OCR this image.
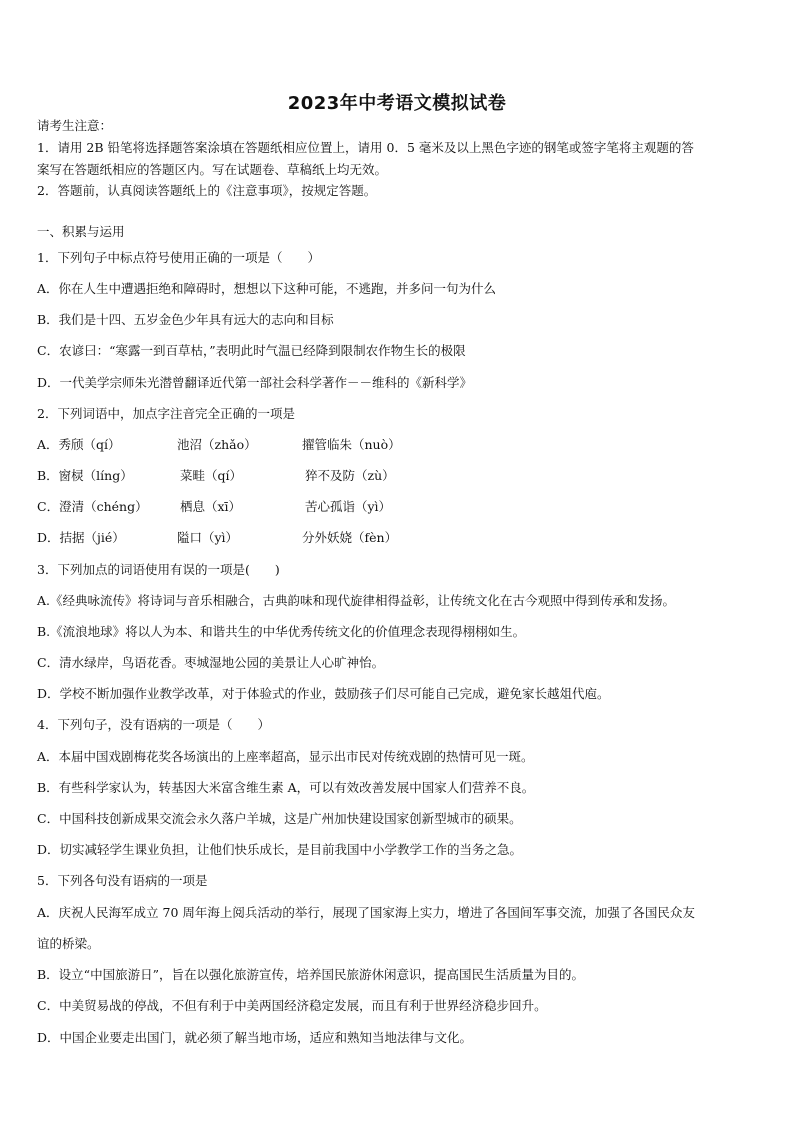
2023年中考语文模拟试卷
请考生注意：
1．请用 2B 铅笔将选择题答案涂填在答题纸相应位置上，请用 0．5 毫米及以上黑色字迹的钢笔或签字笔将主观题的答
案写在答题纸相应的答题区内。写在试题卷、草稿纸上均无效。
2．答题前，认真阅读答题纸上的《注意事项》，按规定答题。
一、积累与运用
1．下列句子中标点符号使用正确的一项是（　　）
A．你在人生中遭遇拒绝和障碍时，想想以下这种可能，不逃跑，并多问一句为什么
B．我们是十四、五岁金色少年具有远大的志向和目标
C．农谚曰：“寒露一到百草枯，”表明此时气温已经降到限制农作物生长的极限
D．一代美学宗师朱光潜曾翻译近代第一部社会科学著作－－维科的《新科学》
2．下列词语中，加点字注音完全正确的一项是
A．秀颀（qí）	池沼（zhǎo）	擢管临朱（nuò）
B．窗棂（líng）	菜畦（qí）	猝不及防（zù）
C．澄清（chéng）	栖息（xī）	苦心孤诣（yì）
D．拮据（jié）	隘口（yì）	分外妖娆（fèn）
3．下列加点的词语使用有误的一项是(　　)
A.《经典咏流传》将诗词与音乐相融合，古典韵味和现代旋律相得益彰，让传统文化在古今观照中得到传承和发扬。
B.《流浪地球》将以人为本、和谐共生的中华优秀传统文化的价值理念表现得栩栩如生。
C．清水绿岸，鸟语花香。枣城湿地公园的美景让人心旷神怡。
D．学校不断加强作业教学改革，对于体验式的作业，鼓励孩子们尽可能自己完成，避免家长越俎代庖。
4．下列句子，没有语病的一项是（　　）
A．本届中国戏剧梅花奖各场演出的上座率超高，显示出市民对传统戏剧的热情可见一斑。
B．有些科学家认为，转基因大米富含维生素 A，可以有效改善发展中国家人们营养不良。
C．中国科技创新成果交流会永久落户羊城，这是广州加快建设国家创新型城市的硕果。
D．切实减轻学生课业负担，让他们快乐成长，是目前我国中小学教学工作的当务之急。
5．下列各句没有语病的一项是
A．庆祝人民海军成立 70 周年海上阅兵活动的举行，展现了国家海上实力，增进了各国间军事交流，加强了各国民众友
谊的桥梁。
B．设立“中国旅游日”，旨在以强化旅游宣传，培养国民旅游休闲意识，提高国民生活质量为目的。
C．中美贸易战的停战，不但有利于中美两国经济稳定发展，而且有利于世界经济稳步回升。
D．中国企业要走出国门，就必须了解当地市场，适应和熟知当地法律与文化。
